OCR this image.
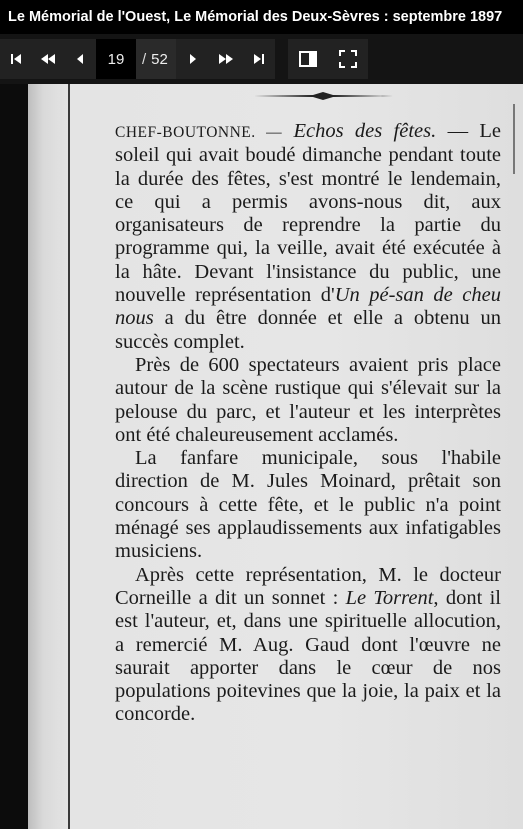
Le Mémorial de l'Ouest, Le Mémorial des Deux-Sèvres : septembre 1897
19
/ 52

CHEF-BOUTONNE. — Echos des fêtes. — Le soleil qui avait boudé dimanche pendant toute la durée des fêtes, s'est montré le lendemain, ce qui a permis avons-nous dit, aux organisateurs de reprendre la partie du programme qui, la veille, avait été exécutée à la hâte. Devant l'insistance du public, une nouvelle représentation d'Un pé-san de cheu nous a du être donnée et elle a obtenu un succès complet.

Près de 600 spectateurs avaient pris place autour de la scène rustique qui s'élevait sur la pelouse du parc, et l'auteur et les interprètes ont été chaleureusement acclamés.

La fanfare municipale, sous l'habile direction de M. Jules Moinard, prêtait son concours à cette fête, et le public n'a point ménagé ses applaudissements aux infatigables musiciens.

Après cette représentation, M. le docteur Corneille a dit un sonnet : Le Torrent, dont il est l'auteur, et, dans une spirituelle allocution, a remercié M. Aug. Gaud dont l'œuvre ne saurait apporter dans le cœur de nos populations poitevines que la joie, la paix et la concorde.
